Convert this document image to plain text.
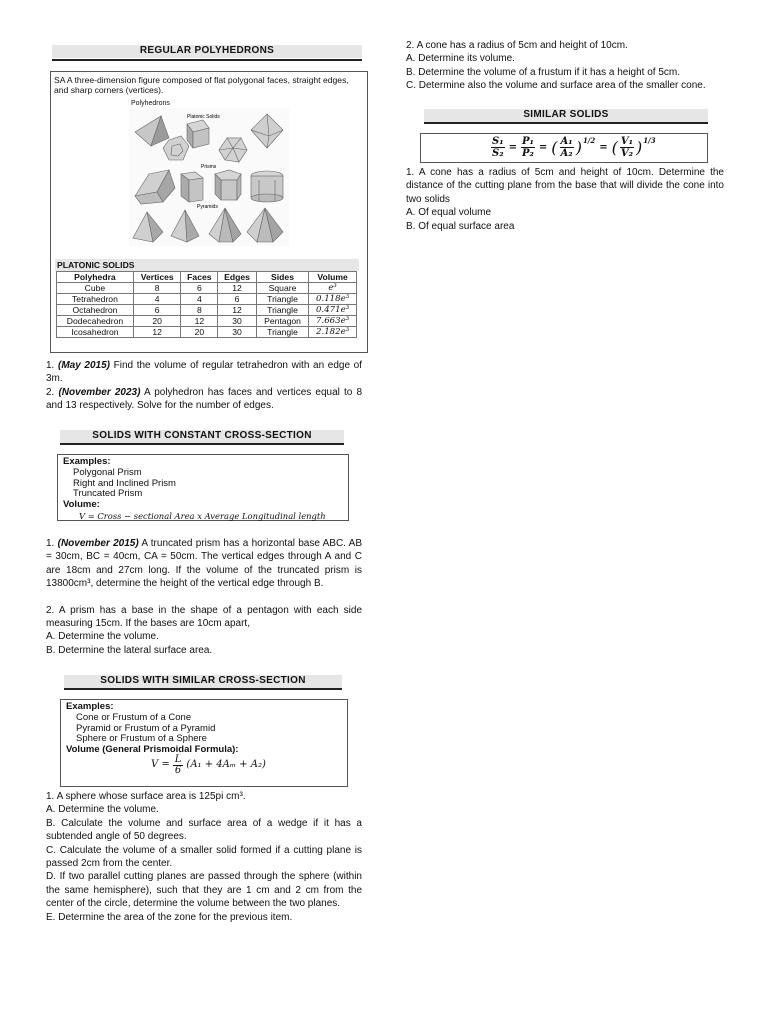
REGULAR POLYHEDRONS
SA A three-dimension figure composed of flat polygonal faces, straight edges, and sharp corners (vertices).
Polyhedrons
Platonic Solids
Prisms
Pyramids
PLATONIC SOLIDS
Polyhedra	Vertices	Faces	Edges	Sides	Volume
Cube	8	6	12	Square	e³
Tetrahedron	4	4	6	Triangle	0.118e³
Octahedron	6	8	12	Triangle	0.471e³
Dodecahedron	20	12	30	Pentagon	7.663e³
Icosahedron	12	20	30	Triangle	2.182e³

1. (May 2015) Find the volume of regular tetrahedron with an edge of 3m.

2. (November 2023) A polyhedron has faces and vertices equal to 8 and 13 respectively. Solve for the number of edges.

SOLIDS WITH CONSTANT CROSS-SECTION
Examples:
Polygonal Prism
Right and Inclined Prism
Truncated Prism
Volume:
V = Cross − sectional Area x Average Longitudinal length

1. (November 2015) A truncated prism has a horizontal base ABC. AB = 30cm, BC = 40cm, CA = 50cm. The vertical edges through A and C are 18cm and 27cm long. If the volume of the truncated prism is 13800cm³, determine the height of the vertical edge through B.

2. A prism has a base in the shape of a pentagon with each side measuring 15cm. If the bases are 10cm apart,

A. Determine the volume.

B. Determine the lateral surface area.

SOLIDS WITH SIMILAR CROSS-SECTION
Examples:
Cone or Frustum of a Cone
Pyramid or Frustum of a Pyramid
Sphere or Frustum of a Sphere
Volume (General Prismoidal Formula):
$V = \frac{L}{6} (A_1 + 4A_m + A_2)$

1. A sphere whose surface area is 125pi cm³.

A. Determine the volume.

B. Calculate the volume and surface area of a wedge if it has a subtended angle of 50 degrees.

C. Calculate the volume of a smaller solid formed if a cutting plane is passed 2cm from the center.

D. If two parallel cutting planes are passed through the sphere (within the same hemisphere), such that they are 1 cm and 2 cm from the center of the circle, determine the volume between the two planes.

E. Determine the area of the zone for the previous item.

2. A cone has a radius of 5cm and height of 10cm.

A. Determine its volume.

B. Determine the volume of a frustum if it has a height of 5cm.

C. Determine also the volume and surface area of the smaller cone.

SIMILAR SOLIDS
$\frac{\text{S₁}}{\text{S₂}} = \frac{\text{P₁}}{\text{P₂}}$ = ( A₁
A₂ )$^{1/2}$
= ( V₁
V₂ )$^{1/3}$

1. A cone has a radius of 5cm and height of 10cm. Determine the distance of the cutting plane from the base that will divide the cone into two solids

A. Of equal volume

B. Of equal surface area
